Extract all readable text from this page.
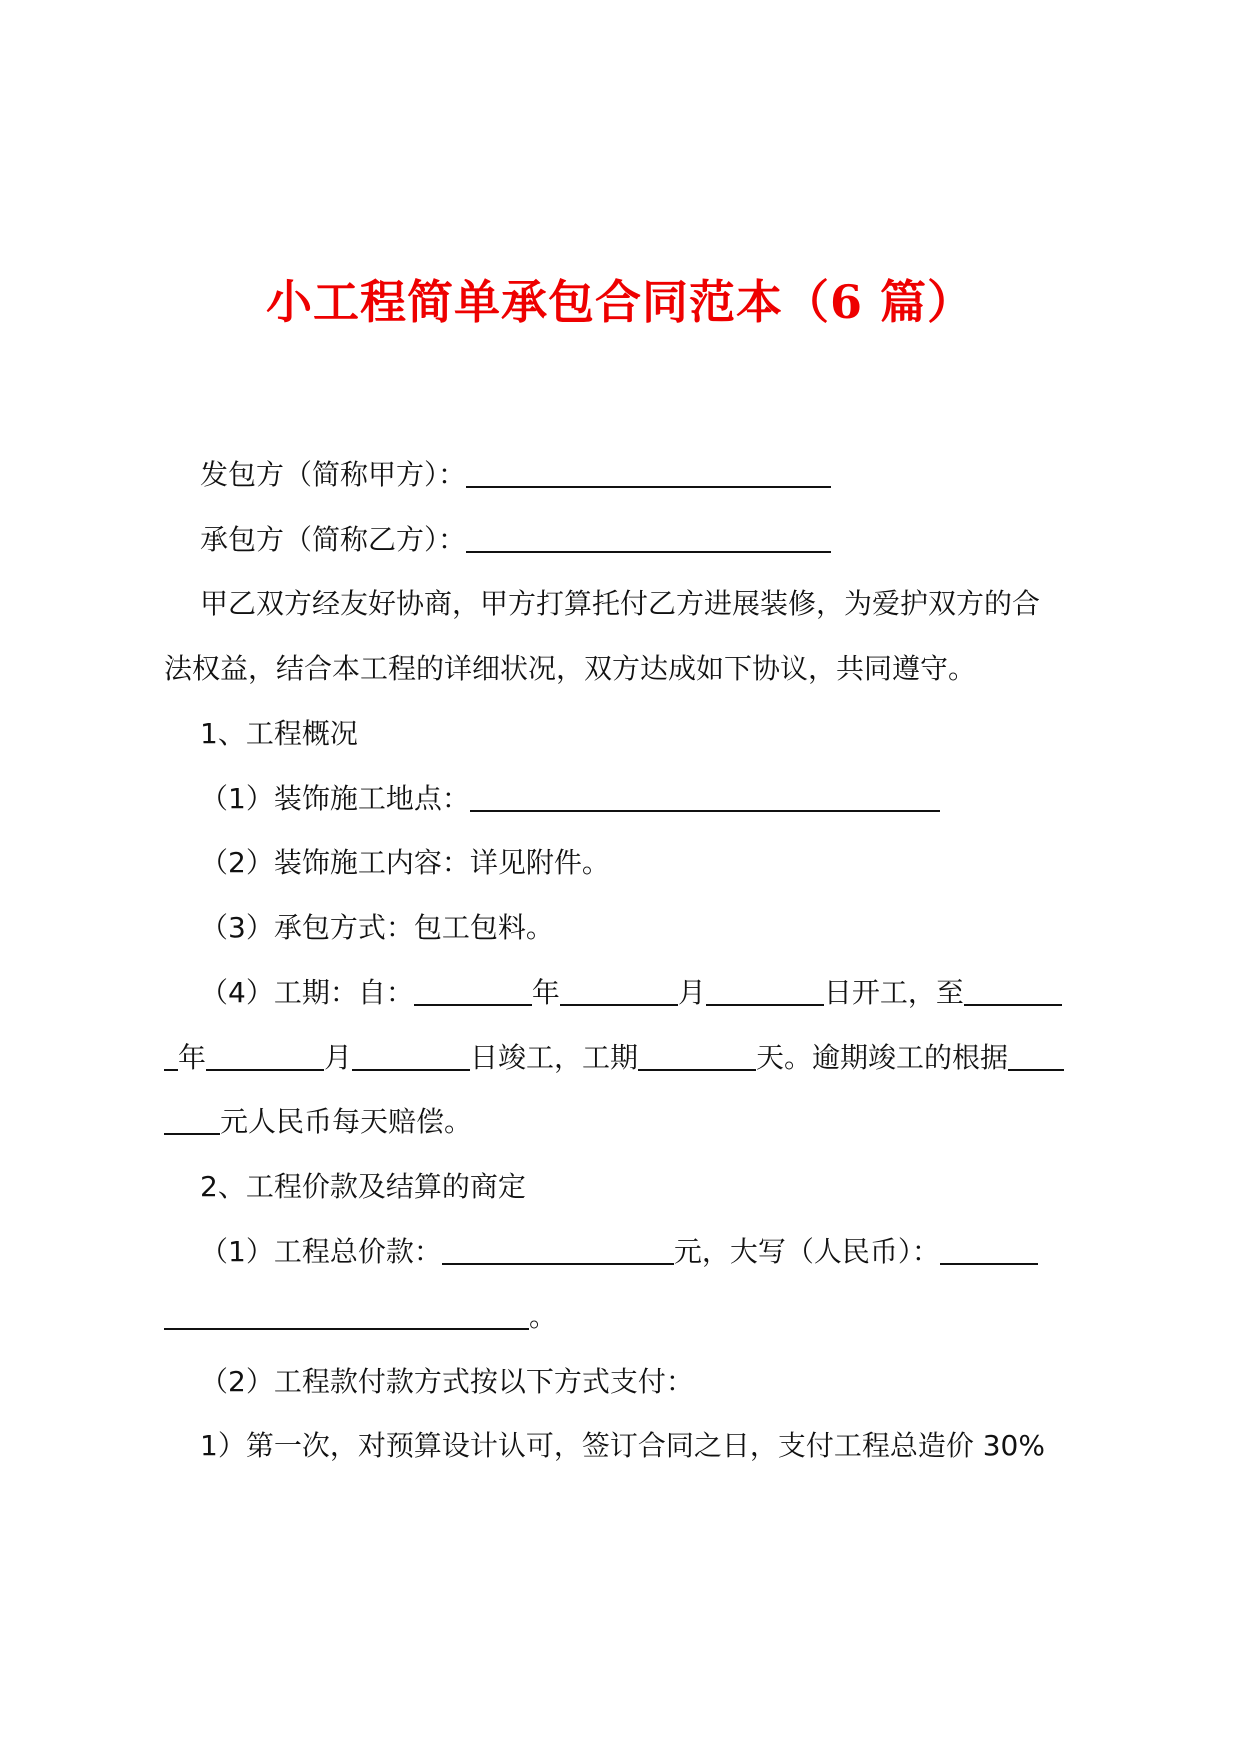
小工程简单承包合同范本（6 篇）
发包方（简称甲方）：
承包方（简称乙方）：
甲乙双方经友好协商，甲方打算托付乙方进展装修，为爱护双方的合
法权益，结合本工程的详细状况，双方达成如下协议，共同遵守。
1、工程概况
（1）装饰施工地点：
（2）装饰施工内容：详见附件。
（3）承包方式：包工包料。
（4）工期：自：	年	月	日开工，至
年	月	日竣工，工期	天。逾期竣工的根据
元人民币每天赔偿。
2、工程价款及结算的商定
（1）工程总价款：	元，大写（人民币）：
。
（2）工程款付款方式按以下方式支付：
1）第一次，对预算设计认可，签订合同之日，支付工程总造价 30%
